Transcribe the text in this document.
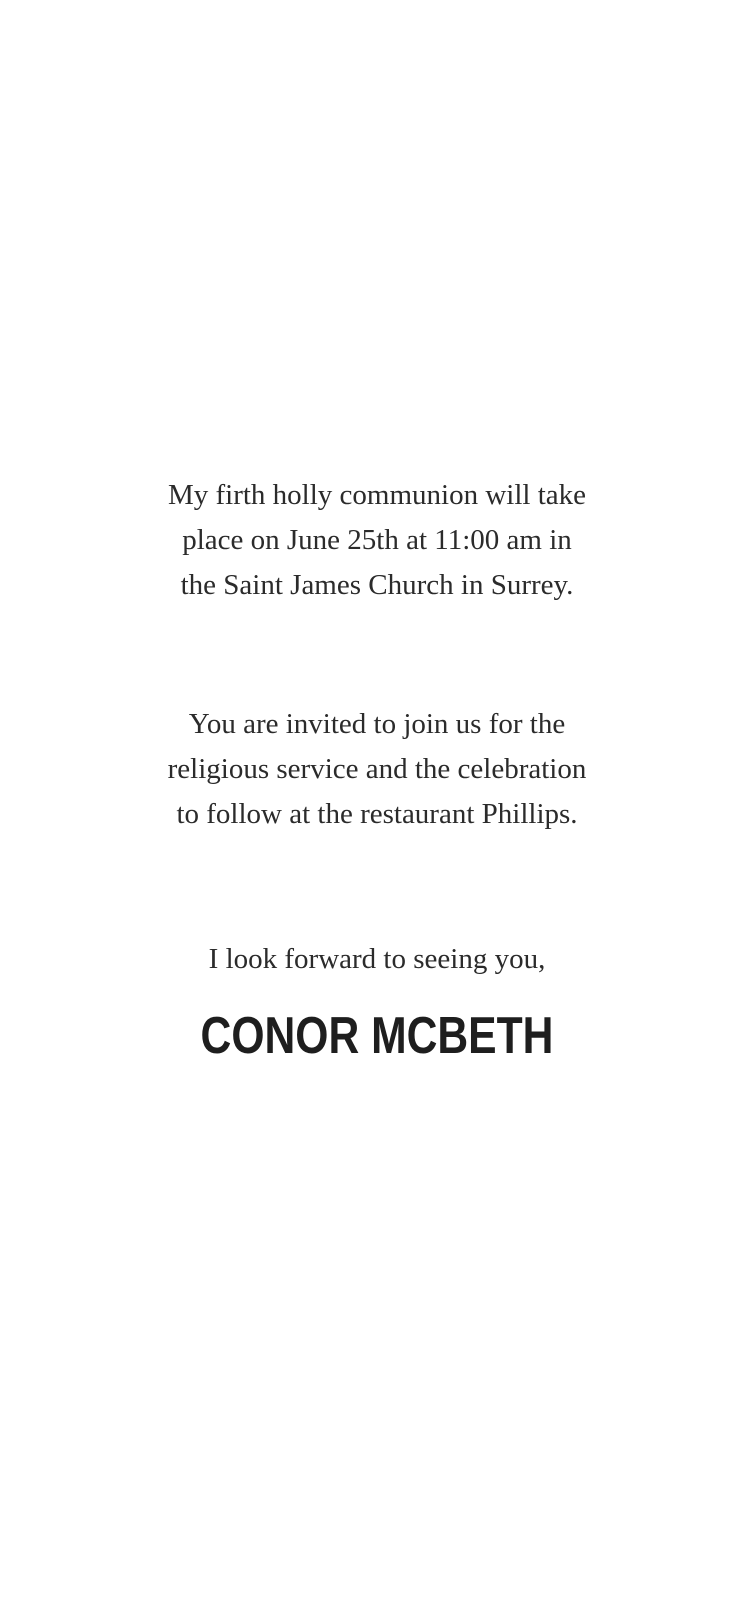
My firth holly communion will take
place on June 25th at 11:00 am in
the Saint James Church in Surrey.

You are invited to join us for the
religious service and the celebration
to follow at the restaurant Phillips.

I look forward to seeing you,

CONOR MCBETH
